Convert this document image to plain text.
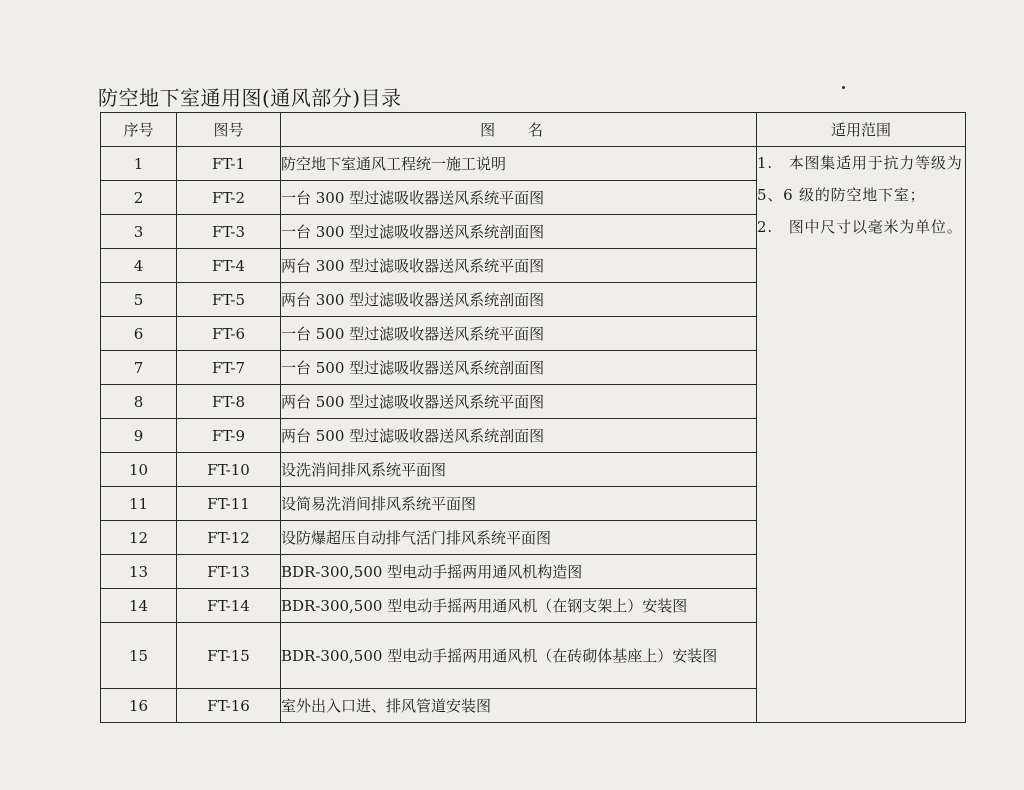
防空地下室通用图(通风部分)目录
序号	图号	图 名	适用范围
1	FT-1	防空地下室通风工程统一施工说明	1.　本图集适用于抗力等级为 5、6 级的防空地下室；
2.　图中尺寸以毫米为单位。

2	FT-2	一台 300 型过滤吸收器送风系统平面图	
3	FT-3	一台 300 型过滤吸收器送风系统剖面图	
4	FT-4	两台 300 型过滤吸收器送风系统平面图	
5	FT-5	两台 300 型过滤吸收器送风系统剖面图	
6	FT-6	一台 500 型过滤吸收器送风系统平面图	
7	FT-7	一台 500 型过滤吸收器送风系统剖面图	
8	FT-8	两台 500 型过滤吸收器送风系统平面图	
9	FT-9	两台 500 型过滤吸收器送风系统剖面图	
10	FT-10	设洗消间排风系统平面图	
11	FT-11	设简易洗消间排风系统平面图	
12	FT-12	设防爆超压自动排气活门排风系统平面图	
13	FT-13	BDR-300,500 型电动手摇两用通风机构造图	
14	FT-14	BDR-300,500 型电动手摇两用通风机（在钢支架上）安装图	
15	FT-15	BDR-300,500 型电动手摇两用通风机（在砖砌体基座上）安装图	
16	FT-16	室外出入口进、排风管道安装图	
